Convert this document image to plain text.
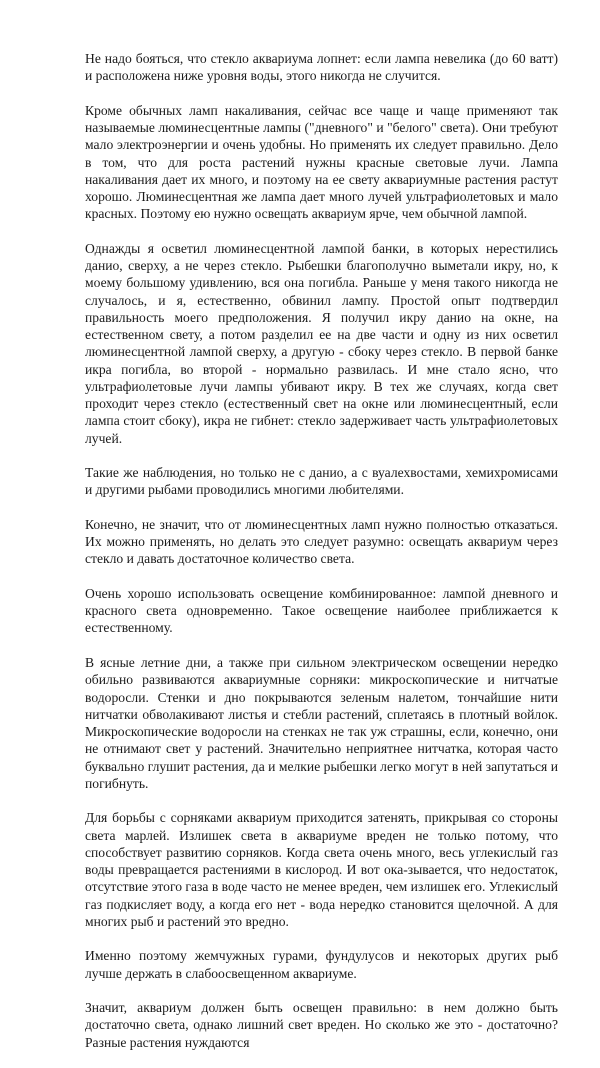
Не надо бояться, что стекло аквариума лопнет: если лампа невелика (до 60 ватт) и расположена ниже уровня воды, этого никогда не случится.

Кроме обычных ламп накаливания, сейчас все чаще и чаще применяют так называемые люминесцентные лампы ("дневного" и "белого" света). Они требуют мало электроэнергии и очень удобны. Но применять их следует правильно. Дело в том, что для роста растений нужны красные световые лучи. Лампа накаливания дает их много, и поэтому на ее свету аквариумные растения растут хорошо. Люминесцентная же лампа дает много лучей ультрафиолетовых и мало красных. Поэтому ею нужно освещать аквариум ярче, чем обычной лампой.

Однажды я осветил люминесцентной лампой банки, в которых нерестились данио, сверху, а не через стекло. Рыбешки благополучно выметали икру, но, к моему большому удивлению, вся она погибла. Раньше у меня такого никогда не случалось, и я, естественно, обвинил лампу. Простой опыт подтвердил правильность моего предположения. Я получил икру данио на окне, на естественном свету, а потом разделил ее на две части и одну из них осветил люминесцентной лампой сверху, а другую - сбоку через стекло. В первой банке икра погибла, во второй - нормально развилась. И мне стало ясно, что ультрафиолетовые лучи лампы убивают икру. В тех же случаях, когда свет проходит через стекло (естественный свет на окне или люминесцентный, если лампа стоит сбоку), икра не гибнет: стекло задерживает часть ультрафиолетовых лучей.

Такие же наблюдения, но только не с данио, а с вуалехвостами, хемихромисами и другими рыбами проводились многими любителями.

Конечно, не значит, что от люминесцентных ламп нужно полностью отказаться. Их можно применять, но делать это следует разумно: освещать аквариум через стекло и давать достаточное количество света.

Очень хорошо использовать освещение комбинированное: лампой дневного и красного света одновременно. Такое освещение наиболее приближается к естественному.

В ясные летние дни, а также при сильном электрическом освещении нередко обильно развиваются аквариумные сорняки: микроскопические и нитчатые водоросли. Стенки и дно покрываются зеленым налетом, тончайшие нити нитчатки обволакивают листья и стебли растений, сплетаясь в плотный войлок. Микроскопические водоросли на стенках не так уж страшны, если, конечно, они не отнимают свет у растений. Значительно неприятнее нитчатка, которая часто буквально глушит растения, да и мелкие рыбешки легко могут в ней запутаться и погибнуть.

Для борьбы с сорняками аквариум приходится затенять, прикрывая со стороны света марлей. Излишек света в аквариуме вреден не только потому, что способствует развитию сорняков. Когда света очень много, весь углекислый газ воды превращается растениями в кислород. И вот ока-зывается, что недостаток, отсутствие этого газа в воде часто не менее вреден, чем излишек его. Углекислый газ подкисляет воду, а когда его нет - вода нередко становится щелочной. А для многих рыб и растений это вредно.

Именно поэтому жемчужных гурами, фундулусов и некоторых других рыб лучше держать в слабоосвещенном аквариуме.

Значит, аквариум должен быть освещен правильно: в нем должно быть достаточно света, однако лишний свет вреден. Но сколько же это - достаточно? Разные растения нуждаются
